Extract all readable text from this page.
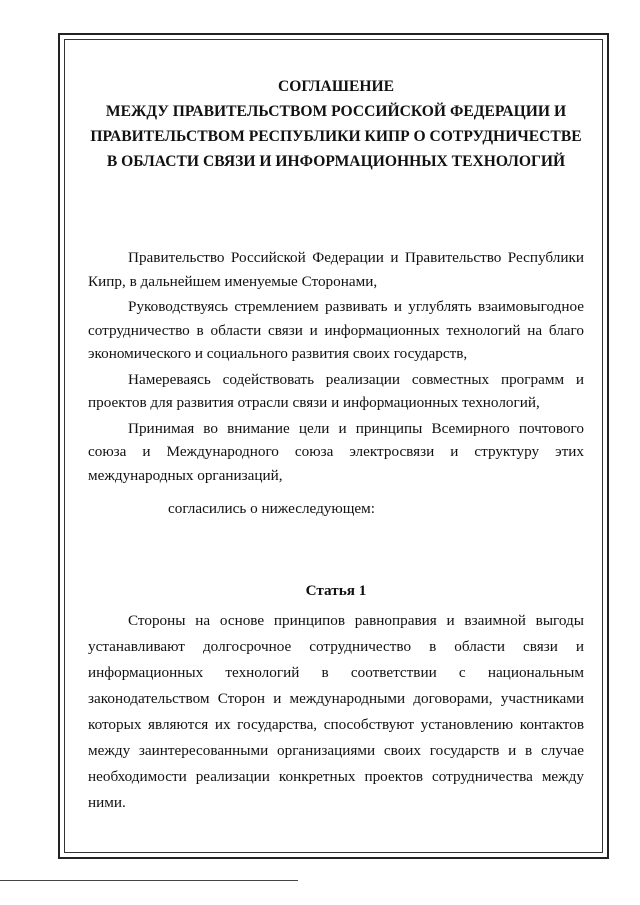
СОГЛАШЕНИЕ
МЕЖДУ ПРАВИТЕЛЬСТВОМ РОССИЙСКОЙ ФЕДЕРАЦИИ И
ПРАВИТЕЛЬСТВОМ РЕСПУБЛИКИ КИПР О СОТРУДНИЧЕСТВЕ
В ОБЛАСТИ СВЯЗИ И ИНФОРМАЦИОННЫХ ТЕХНОЛОГИЙ

Правительство Российской Федерации и Правительство Республики Кипр, в дальнейшем именуемые Сторонами,

Руководствуясь стремлением развивать и углублять взаимовыгодное сотрудничество в области связи и информационных технологий на благо экономического и социального развития своих государств,

Намереваясь содействовать реализации совместных программ и проектов для развития отрасли связи и информационных технологий,

Принимая во внимание цели и принципы Всемирного почтового союза и Международного союза электросвязи и структуру этих международных организаций,

согласились о нижеследующем:

Статья 1

Стороны на основе принципов равноправия и взаимной выгоды устанавливают долгосрочное сотрудничество в области связи и информационных технологий в соответствии с национальным законодательством Сторон и международными договорами, участниками которых являются их государства, способствуют установлению контактов между заинтересованными организациями своих государств и в случае необходимости реализации конкретных проектов сотрудничества между ними.
